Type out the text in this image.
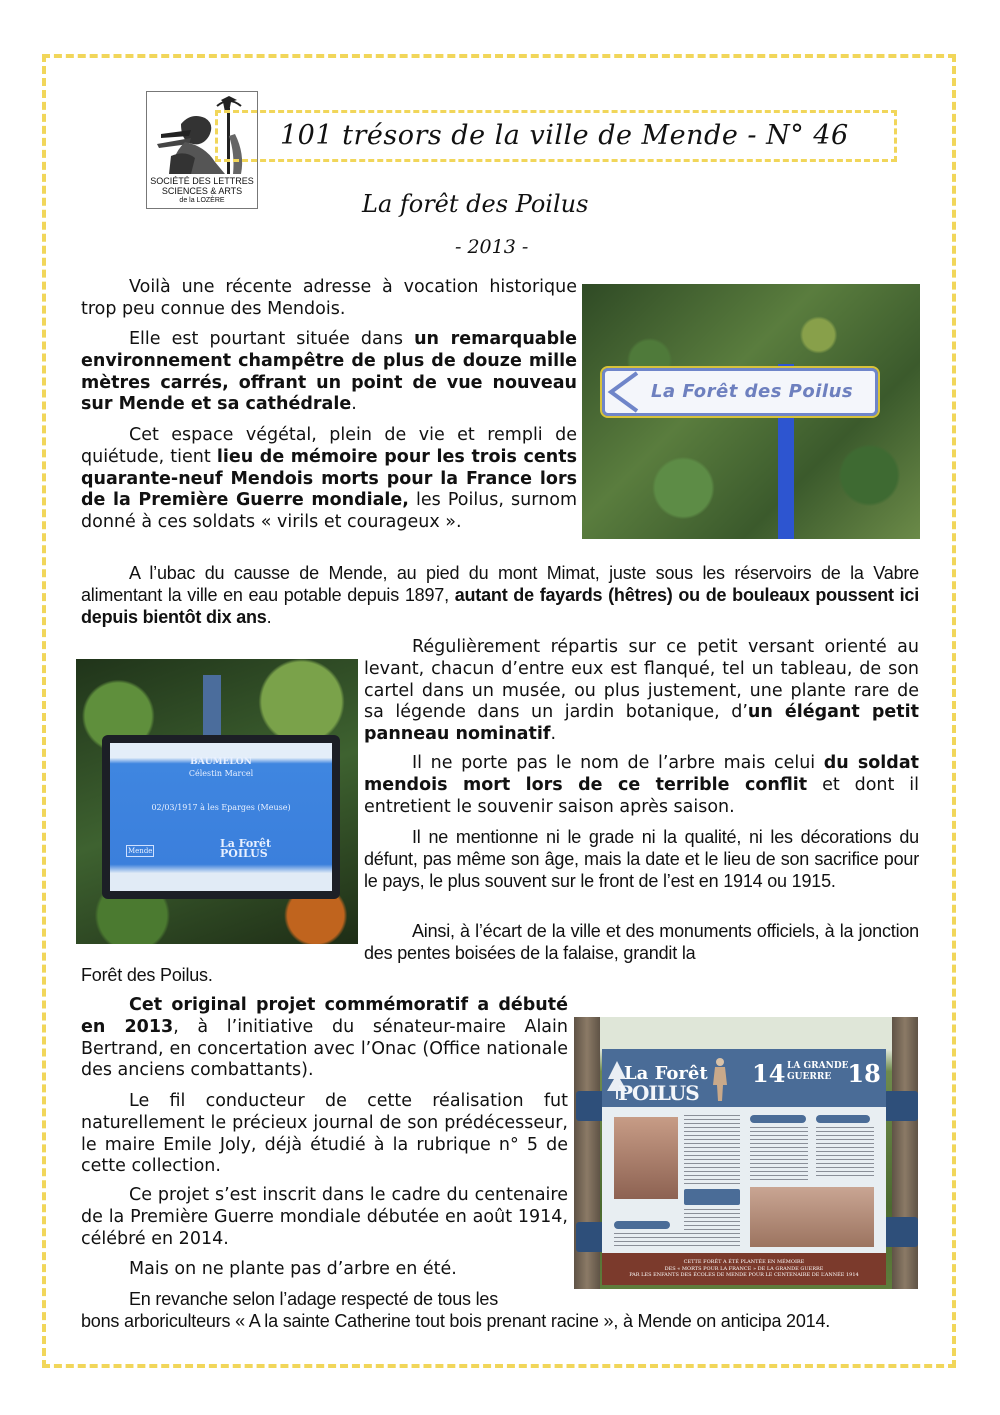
SOCIÉTÉ DES LETTRES
SCIENCES & ARTS
de la LOZÈRE
101 trésors de la ville de Mende - N° 46
La forêt des Poilus
- 2013 -
La Forêt des Poilus

Voilà une récente adresse à vocation historique trop peu connue des Mendois.

Elle est pourtant située dans un remarquable environnement champêtre de plus de douze mille mètres carrés, offrant un point de vue nouveau sur Mende et sa cathédrale.

Cet espace végétal, plein de vie et rempli de quiétude, tient lieu de mémoire pour les trois cents quarante-neuf Mendois morts pour la France lors de la Première Guerre mondiale, les Poilus, surnom donné à ces soldats « virils et courageux ».

A l’ubac du causse de Mende, au pied du mont Mimat, juste sous les réservoirs de la Vabre alimentant la ville en eau potable depuis 1897, autant de fayards (hêtres) ou de bouleaux poussent ici depuis bientôt dix ans.

BAUMELON
Célestin Marcel
02/03/1917 à les Eparges (Meuse)
Mende
La Forêt
POILUS

Régulièrement répartis sur ce petit versant orienté au levant, chacun d’entre eux est flanqué, tel un tableau, de son cartel dans un musée, ou plus justement, une plante rare de sa légende dans un jardin botanique, d’un élégant petit panneau nominatif.

Il ne porte pas le nom de l’arbre mais celui du soldat mendois mort lors de ce terrible conflit et dont il entretient le souvenir saison après saison.

Il ne mentionne ni le grade ni la qualité, ni les décorations du défunt, pas même son âge, mais la date et le lieu de son sacrifice pour le pays, le plus souvent sur le front de l’est en 1914 ou 1915.

Ainsi, à l’écart de la ville et des monuments officiels, à la jonction des pentes boisées de la falaise, grandit la

Forêt des Poilus.

Cet original projet commémoratif a débuté en 2013, à l’initiative du sénateur-maire Alain Bertrand, en concertation avec l’Onac (Office nationale des anciens combattants).

Le fil conducteur de cette réalisation fut naturellement le précieux journal de son prédécesseur, le maire Emile Joly, déjà étudié à la rubrique n° 5 de cette collection.

Ce projet s’est inscrit dans le cadre du centenaire de la Première Guerre mondiale débutée en août 1914, célébré en 2014.

Mais on ne plante pas d’arbre en été.

En revanche selon l’adage respecté de tous les

bons arboriculteurs « A la sainte Catherine tout bois prenant racine », à Mende on anticipa 2014.

La Forêt
POILUS
14	18
LA GRANDE
GUERRE
CETTE FORÊT A ÉTÉ PLANTÉE EN MÉMOIRE
DES « MORTS POUR LA FRANCE » DE LA GRANDE GUERRE
PAR LES ENFANTS DES ÉCOLES DE MENDE POUR LE CENTENAIRE DE L’ANNÉE 1914
